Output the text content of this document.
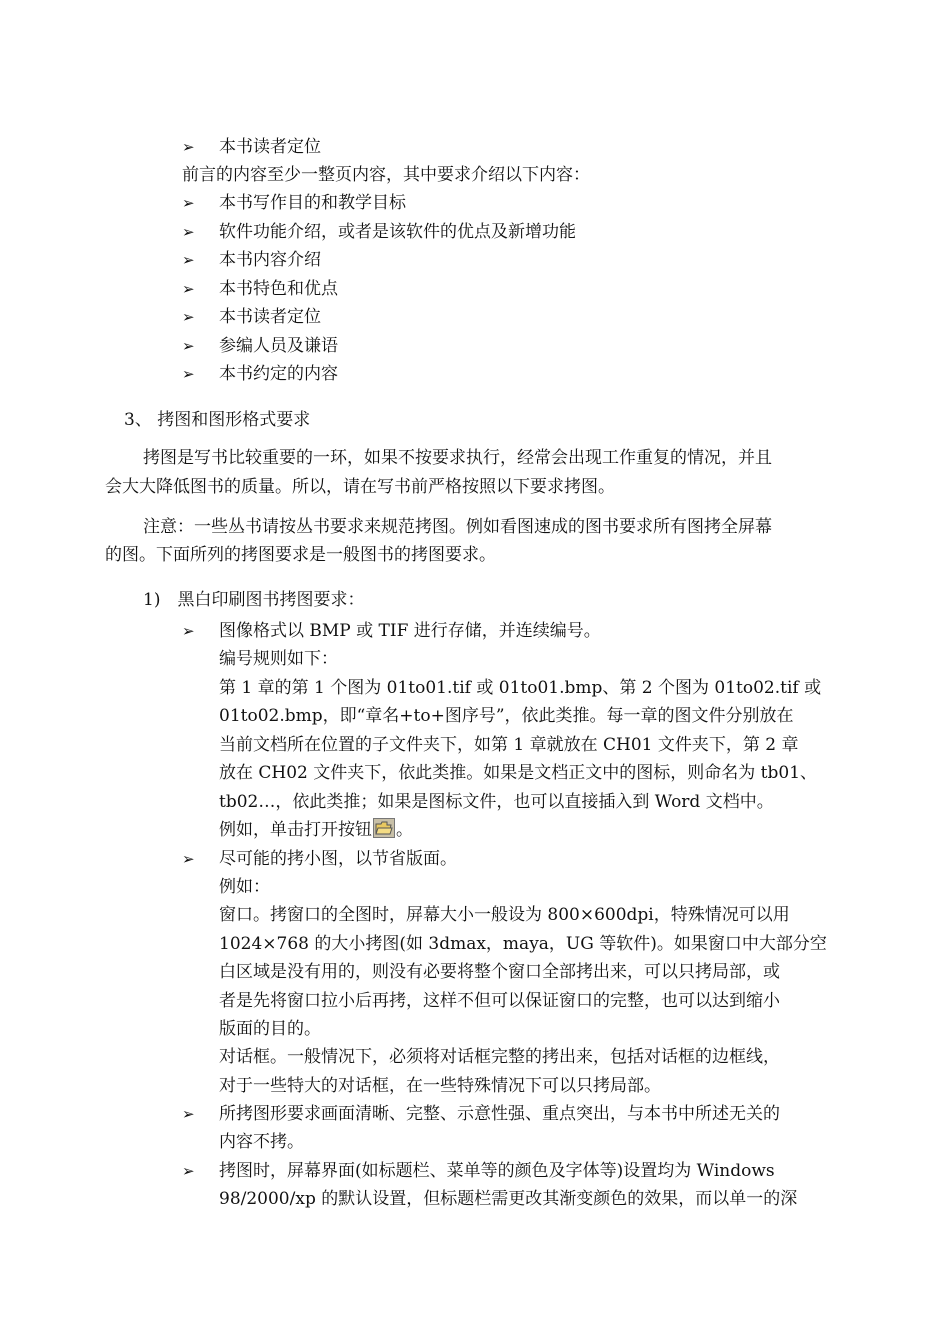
➢
本书读者定位
前言的内容至少一整页内容，其中要求介绍以下内容：
➢
本书写作目的和教学目标
➢
软件功能介绍，或者是该软件的优点及新增功能
➢
本书内容介绍
➢
本书特色和优点
➢
本书读者定位
➢
参编人员及谦语
➢
本书约定的内容
3、 拷图和图形格式要求
拷图是写书比较重要的一环，如果不按要求执行，经常会出现工作重复的情况，并且
会大大降低图书的质量。所以，请在写书前严格按照以下要求拷图。
注意：一些丛书请按丛书要求来规范拷图。例如看图速成的图书要求所有图拷全屏幕
的图。下面所列的拷图要求是一般图书的拷图要求。
1)　黑白印刷图书拷图要求：
➢
图像格式以 BMP 或 TIF 进行存储，并连续编号。
编号规则如下：
第 1 章的第 1 个图为 01to01.tif 或 01to01.bmp、第 2 个图为 01to02.tif 或
01to02.bmp，即“章名+to+图序号”，依此类推。每一章的图文件分别放在
当前文档所在位置的子文件夹下，如第 1 章就放在 CH01 文件夹下，第 2 章
放在 CH02 文件夹下，依此类推。如果是文档正文中的图标，则命名为 tb01、
tb02…，依此类推；如果是图标文件，也可以直接插入到 Word 文档中。
例如，单击打开按钮 。
➢
尽可能的拷小图，以节省版面。
例如：
窗口。拷窗口的全图时，屏幕大小一般设为 800×600dpi，特殊情况可以用
1024×768 的大小拷图(如 3dmax，maya，UG 等软件)。如果窗口中大部分空
白区域是没有用的，则没有必要将整个窗口全部拷出来，可以只拷局部，或
者是先将窗口拉小后再拷，这样不但可以保证窗口的完整，也可以达到缩小
版面的目的。
对话框。一般情况下，必须将对话框完整的拷出来，包括对话框的边框线，
对于一些特大的对话框，在一些特殊情况下可以只拷局部。
➢
所拷图形要求画面清晰、完整、示意性强、重点突出，与本书中所述无关的
内容不拷。
➢
拷图时，屏幕界面(如标题栏、菜单等的颜色及字体等)设置均为 Windows
98/2000/xp 的默认设置，但标题栏需更改其渐变颜色的效果，而以单一的深
